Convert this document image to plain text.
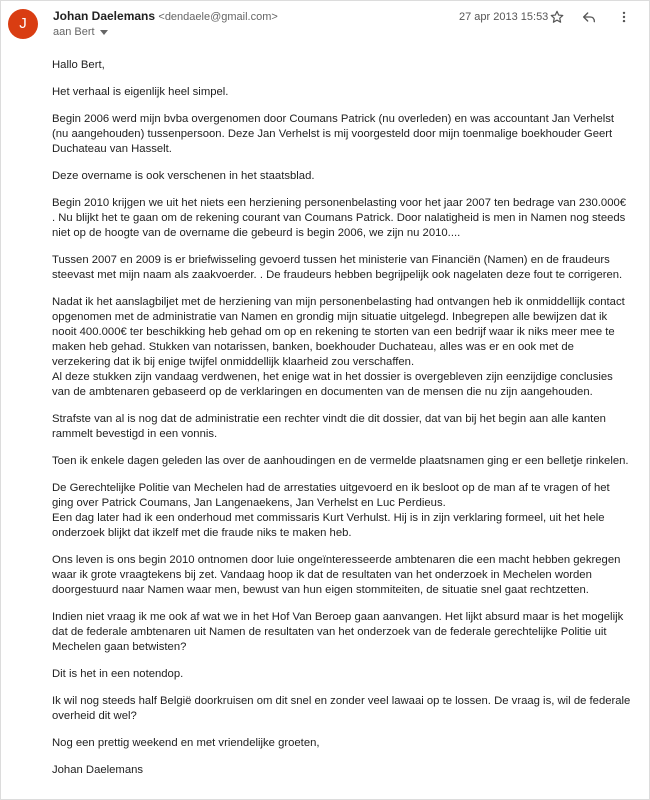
J	Johan Daelemans <dendaele@gmail.com>
aan Bert
27 apr 2013 15:53

Hallo Bert,

Het verhaal is eigenlijk heel simpel.

Begin 2006 werd mijn bvba overgenomen door Coumans Patrick (nu overleden) en was accountant Jan Verhelst (nu aangehouden) tussenpersoon. Deze Jan Verhelst is mij voorgesteld door mijn toenmalige boekhouder Geert Duchateau van Hasselt.

Deze overname is ook verschenen in het staatsblad.

Begin 2010 krijgen we uit het niets een herziening personenbelasting voor het jaar 2007 ten bedrage van 230.000€ . Nu blijkt het te gaan om de rekening courant van Coumans Patrick. Door nalatigheid is men in Namen nog steeds niet op de hoogte van de overname die gebeurd is begin 2006, we zijn nu 2010....

Tussen 2007 en 2009 is er briefwisseling gevoerd tussen het ministerie van Financiën (Namen) en de fraudeurs steevast met mijn naam als zaakvoerder. . De fraudeurs hebben begrijpelijk ook nagelaten deze fout te corrigeren.

Nadat ik het aanslagbiljet met de herziening van mijn personenbelasting had ontvangen heb ik onmiddellijk contact opgenomen met de administratie van Namen en grondig mijn situatie uitgelegd. Inbegrepen alle bewijzen dat ik nooit 400.000€ ter beschikking heb gehad om op en rekening te storten van een bedrijf waar ik niks meer mee te maken heb gehad. Stukken van notarissen, banken, boekhouder Duchateau, alles was er en ook met de verzekering dat ik bij enige twijfel onmiddellijk klaarheid zou verschaffen.

Al deze stukken zijn vandaag verdwenen, het enige wat in het dossier is overgebleven zijn eenzijdige conclusies van de ambtenaren gebaseerd op de verklaringen en documenten van de mensen die nu zijn aangehouden.

Strafste van al is nog dat de administratie een rechter vindt die dit dossier, dat van bij het begin aan alle kanten rammelt bevestigd in een vonnis.

Toen ik enkele dagen geleden las over de aanhoudingen en de vermelde plaatsnamen ging er een belletje rinkelen.

De Gerechtelijke Politie van Mechelen had de arrestaties uitgevoerd en ik besloot op de man af te vragen of het ging over Patrick Coumans, Jan Langenaekens, Jan Verhelst en Luc Perdieus.

Een dag later had ik een onderhoud met commissaris Kurt Verhulst. Hij is in zijn verklaring formeel, uit het hele onderzoek blijkt dat ikzelf met die fraude niks te maken heb.

Ons leven is ons begin 2010 ontnomen door luie ongeïnteresseerde ambtenaren die een macht hebben gekregen waar ik grote vraagtekens bij zet. Vandaag hoop ik dat de resultaten van het onderzoek in Mechelen worden doorgestuurd naar Namen waar men, bewust van hun eigen stommiteiten, de situatie snel gaat rechtzetten.

Indien niet vraag ik me ook af wat we in het Hof Van Beroep gaan aanvangen. Het lijkt absurd maar is het mogelijk dat de federale ambtenaren uit Namen de resultaten van het onderzoek van de federale gerechtelijke Politie uit Mechelen gaan betwisten?

Dit is het in een notendop.

Ik wil nog steeds half België doorkruisen om dit snel en zonder veel lawaai op te lossen. De vraag is, wil de federale overheid dit wel?

Nog een prettig weekend en met vriendelijke groeten,

Johan Daelemans
